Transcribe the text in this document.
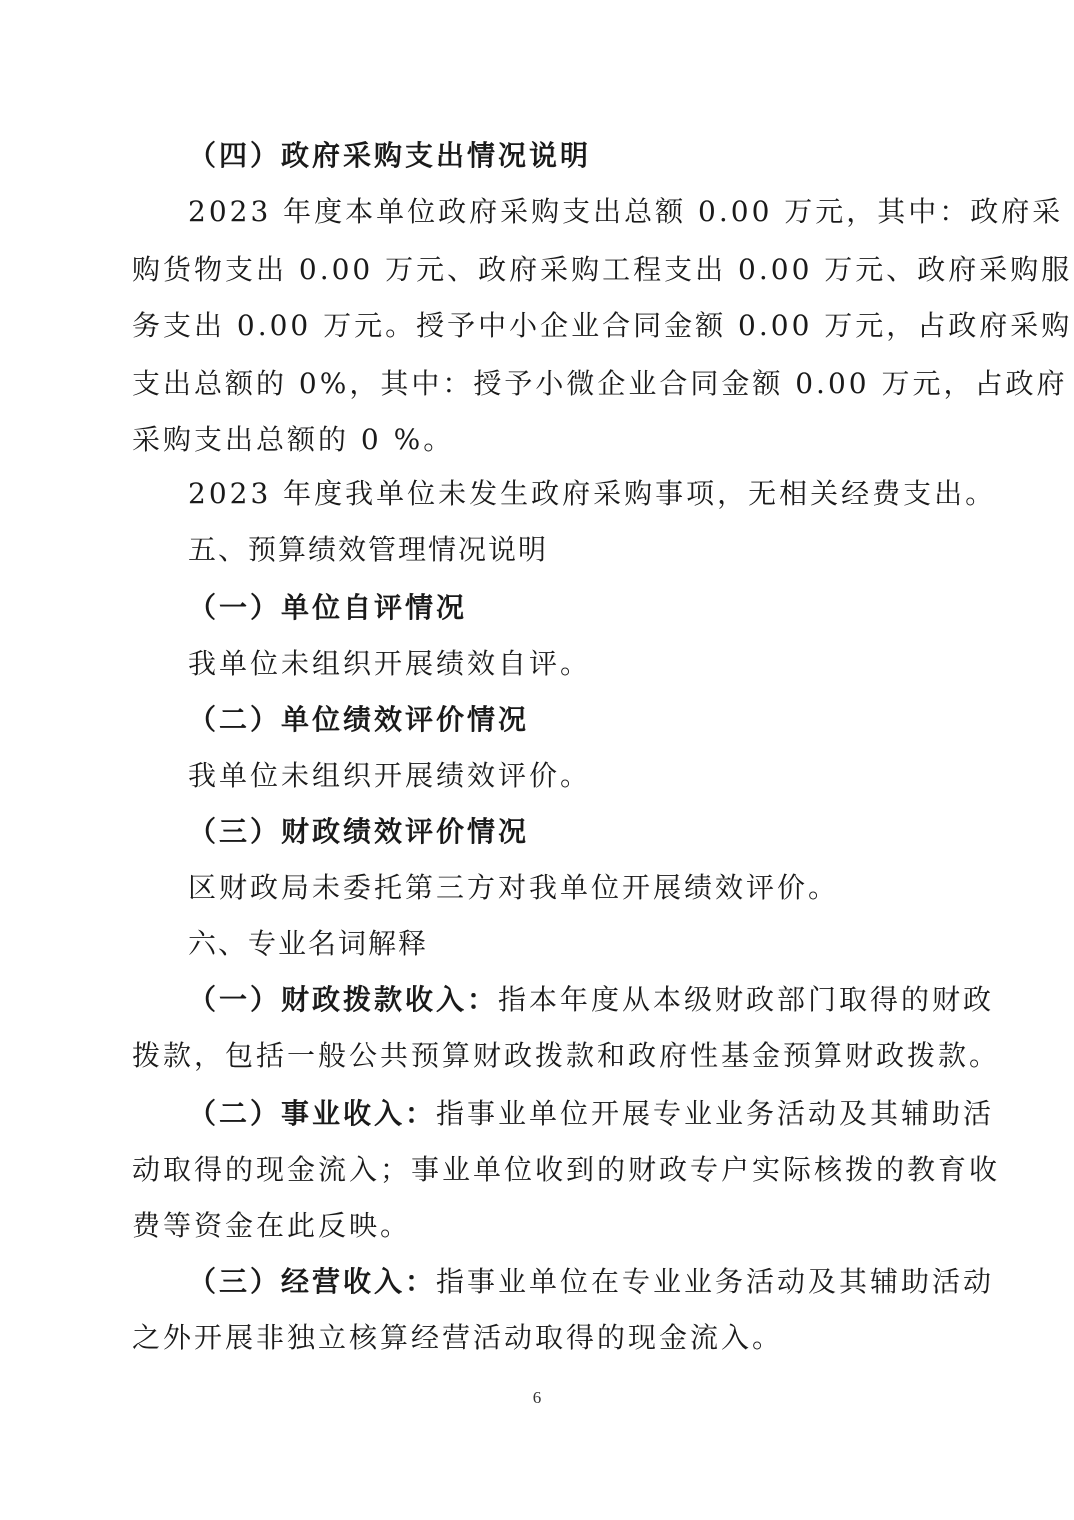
（四）政府采购支出情况说明
2023 年度本单位政府采购支出总额 0.00 万元，其中：政府采
购货物支出 0.00 万元、政府采购工程支出 0.00 万元、政府采购服
务支出 0.00 万元。授予中小企业合同金额 0.00 万元，占政府采购
支出总额的 0%，其中：授予小微企业合同金额 0.00 万元，占政府
采购支出总额的 0 %。
2023 年度我单位未发生政府采购事项，无相关经费支出。
五、预算绩效管理情况说明
（一）单位自评情况
我单位未组织开展绩效自评。
（二）单位绩效评价情况
我单位未组织开展绩效评价。
（三）财政绩效评价情况
区财政局未委托第三方对我单位开展绩效评价。
六、专业名词解释
（一）财政拨款收入：指本年度从本级财政部门取得的财政
拨款，包括一般公共预算财政拨款和政府性基金预算财政拨款。
（二）事业收入：指事业单位开展专业业务活动及其辅助活
动取得的现金流入；事业单位收到的财政专户实际核拨的教育收
费等资金在此反映。
（三）经营收入：指事业单位在专业业务活动及其辅助活动
之外开展非独立核算经营活动取得的现金流入。
6
